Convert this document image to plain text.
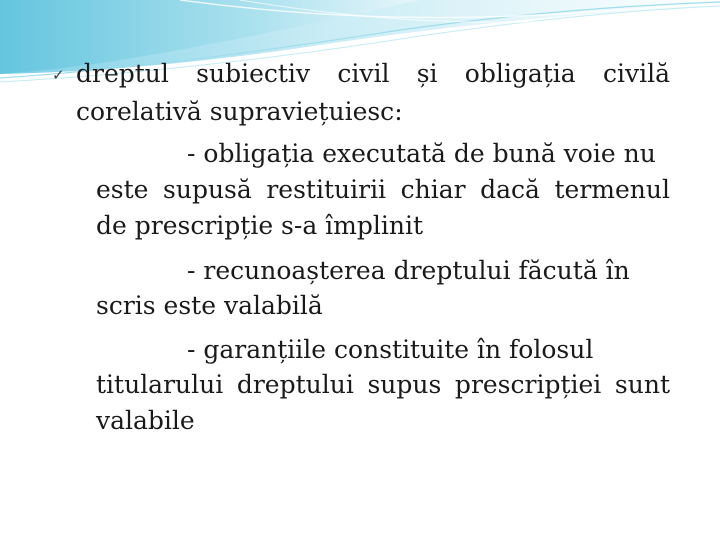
✓ dreptul subiectiv civil și obligația civilă
corelativă supraviețuiesc:
- obligația executată de bună voie nu
este supusă restituirii chiar dacă termenul
de prescripție s-a împlinit
- recunoașterea dreptului făcută în
scris este valabilă
- garanțiile constituite în folosul
titularului dreptului supus prescripției sunt
valabile
